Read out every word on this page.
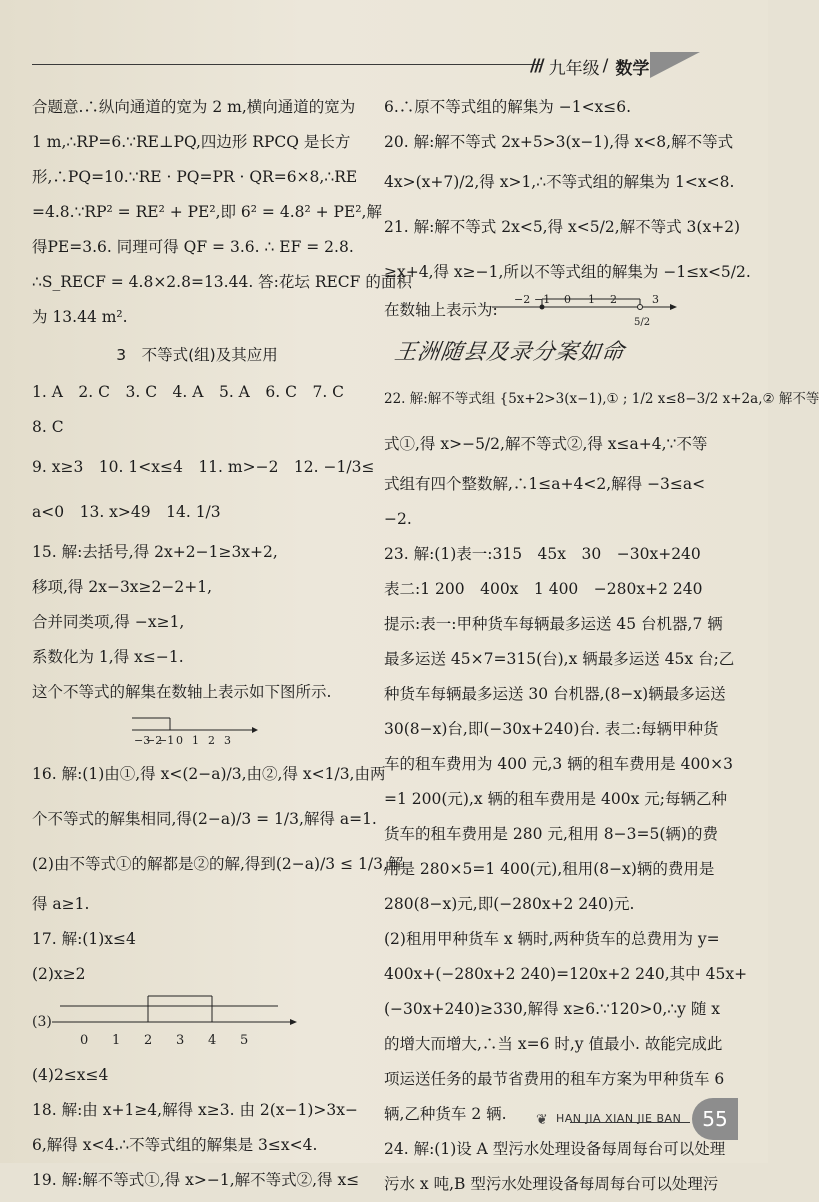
/// 九年级 / 数学
合题意.∴纵向通道的宽为 2 m,横向通道的宽为
1 m,∴RP=6.∵RE⊥PQ,四边形 RPCQ 是长方
形,∴PQ=10.∵RE · PQ=PR · QR=6×8,∴RE
=4.8.∵RP² = RE² + PE²,即 6² = 4.8² + PE²,解
得PE=3.6. 同理可得 QF = 3.6. ∴ EF = 2.8.
∴S_RECF = 4.8×2.8=13.44. 答:花坛 RECF 的面积
为 13.44 m².
3　不等式(组)及其应用
1. A　2. C　3. C　4. A　5. A　6. C　7. C
8. C
9. x≥3　10. 1<x≤4　11. m>−2　12. −1/3≤
a<0　13. x>49　14. 1/3
15. 解:去括号,得 2x+2−1≥3x+2,
移项,得 2x−3x≥2−2+1,
合并同类项,得 −x≥1,
系数化为 1,得 x≤−1.
这个不等式的解集在数轴上表示如下图所示.
−3
−2
−1 0 1 2 3
16. 解:(1)由①,得 x<(2−a)/3,由②,得 x<1/3,由两
个不等式的解集相同,得(2−a)/3 = 1/3,解得 a=1.
(2)由不等式①的解都是②的解,得到(2−a)/3 ≤ 1/3,解
得 a≥1.
17. 解:(1)x≤4
(2)x≥2
(3)
0 1 2 3 4 5
(4)2≤x≤4
18. 解:由 x+1≥4,解得 x≥3. 由 2(x−1)>3x−
6,解得 x<4.∴不等式组的解集是 3≤x<4.
19. 解:解不等式①,得 x>−1,解不等式②,得 x≤
6.∴原不等式组的解集为 −1<x≤6.
20. 解:解不等式 2x+5>3(x−1),得 x<8,解不等式
4x>(x+7)/2,得 x>1,∴不等式组的解集为 1<x<8.
21. 解:解不等式 2x<5,得 x<5/2,解不等式 3(x+2)
≥x+4,得 x≥−1,所以不等式组的解集为 −1≤x<5/2.
在数轴上表示为:
−2 −1 0 1 2	3
5/2
王洲随县及录分案如命
22. 解:解不等式组 {5x+2>3(x−1),① ; 1/2 x≤8−3/2 x+2a,② 解不等
式①,得 x>−5/2,解不等式②,得 x≤a+4,∵不等
式组有四个整数解,∴1≤a+4<2,解得 −3≤a<
−2.
23. 解:(1)表一:315　45x　30　−30x+240
表二:1 200　400x　1 400　−280x+2 240
提示:表一:甲种货车每辆最多运送 45 台机器,7 辆
最多运送 45×7=315(台),x 辆最多运送 45x 台;乙
种货车每辆最多运送 30 台机器,(8−x)辆最多运送
30(8−x)台,即(−30x+240)台. 表二:每辆甲种货
车的租车费用为 400 元,3 辆的租车费用是 400×3
=1 200(元),x 辆的租车费用是 400x 元;每辆乙种
货车的租车费用是 280 元,租用 8−3=5(辆)的费
用是 280×5=1 400(元),租用(8−x)辆的费用是
280(8−x)元,即(−280x+2 240)元.
(2)租用甲种货车 x 辆时,两种货车的总费用为 y=
400x+(−280x+2 240)=120x+2 240,其中 45x+
(−30x+240)≥330,解得 x≥6.∵120>0,∴y 随 x
的增大而增大,∴当 x=6 时,y 值最小. 故能完成此
项运送任务的最节省费用的租车方案为甲种货车 6
辆,乙种货车 2 辆.
24. 解:(1)设 A 型污水处理设备每周每台可以处理
污水 x 吨,B 型污水处理设备每周每台可以处理污
❦ HAN JIA XIAN JIE BAN	55
